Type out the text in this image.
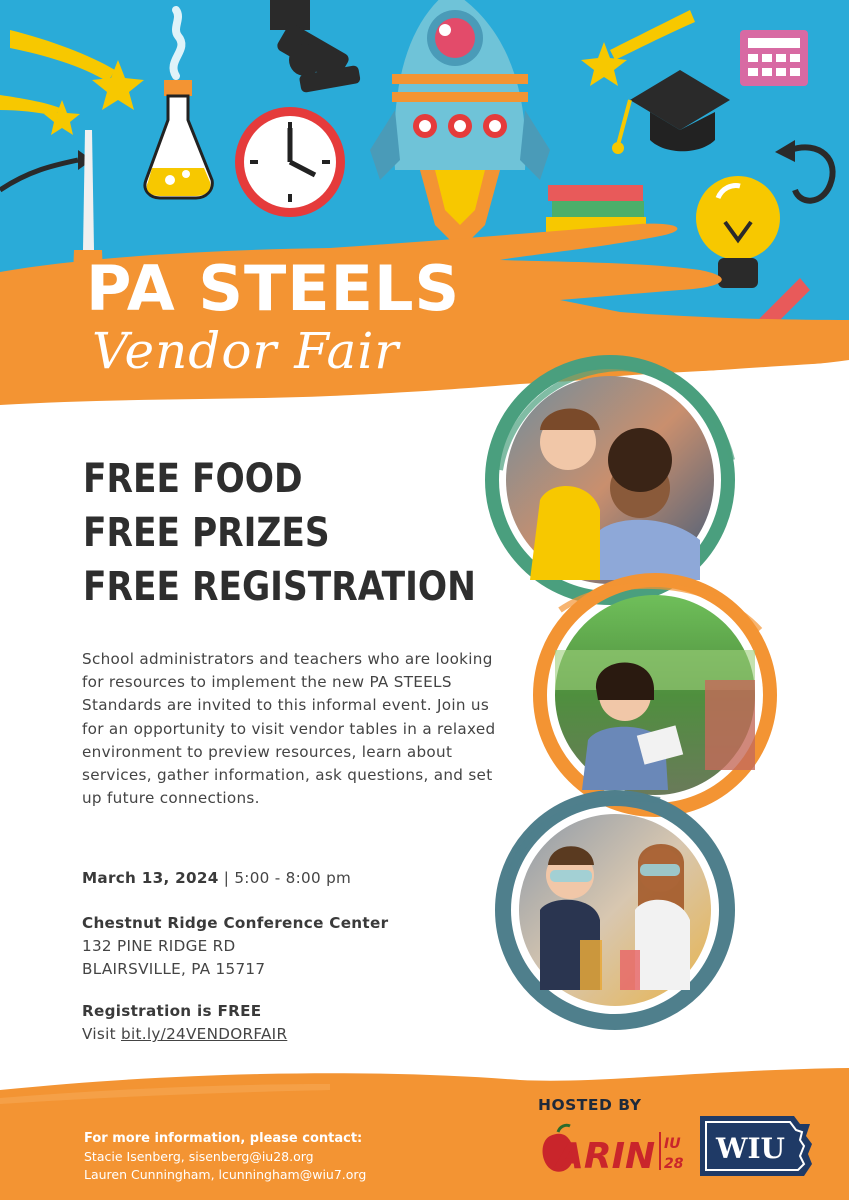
PA STEELS
Vendor Fair
FREE FOOD
FREE PRIZES
FREE REGISTRATION

School administrators and teachers who are looking for resources to implement the new PA STEELS Standards are invited to this informal event. Join us for an opportunity to visit vendor tables in a relaxed environment to preview resources, learn about services, gather information, ask questions, and set up future connections.

March 13, 2024 | 5:00 - 8:00 pm
Chestnut Ridge Conference Center
132 PINE RIDGE RD
BLAIRSVILLE, PA 15717
Registration is FREE
Visit bit.ly/24VENDORFAIR
For more information, please contact:
Stacie Isenberg, sisenberg@iu28.org
Lauren Cunningham, lcunningham@wiu7.org
HOSTED BY
ARIN IU
28 WIU
